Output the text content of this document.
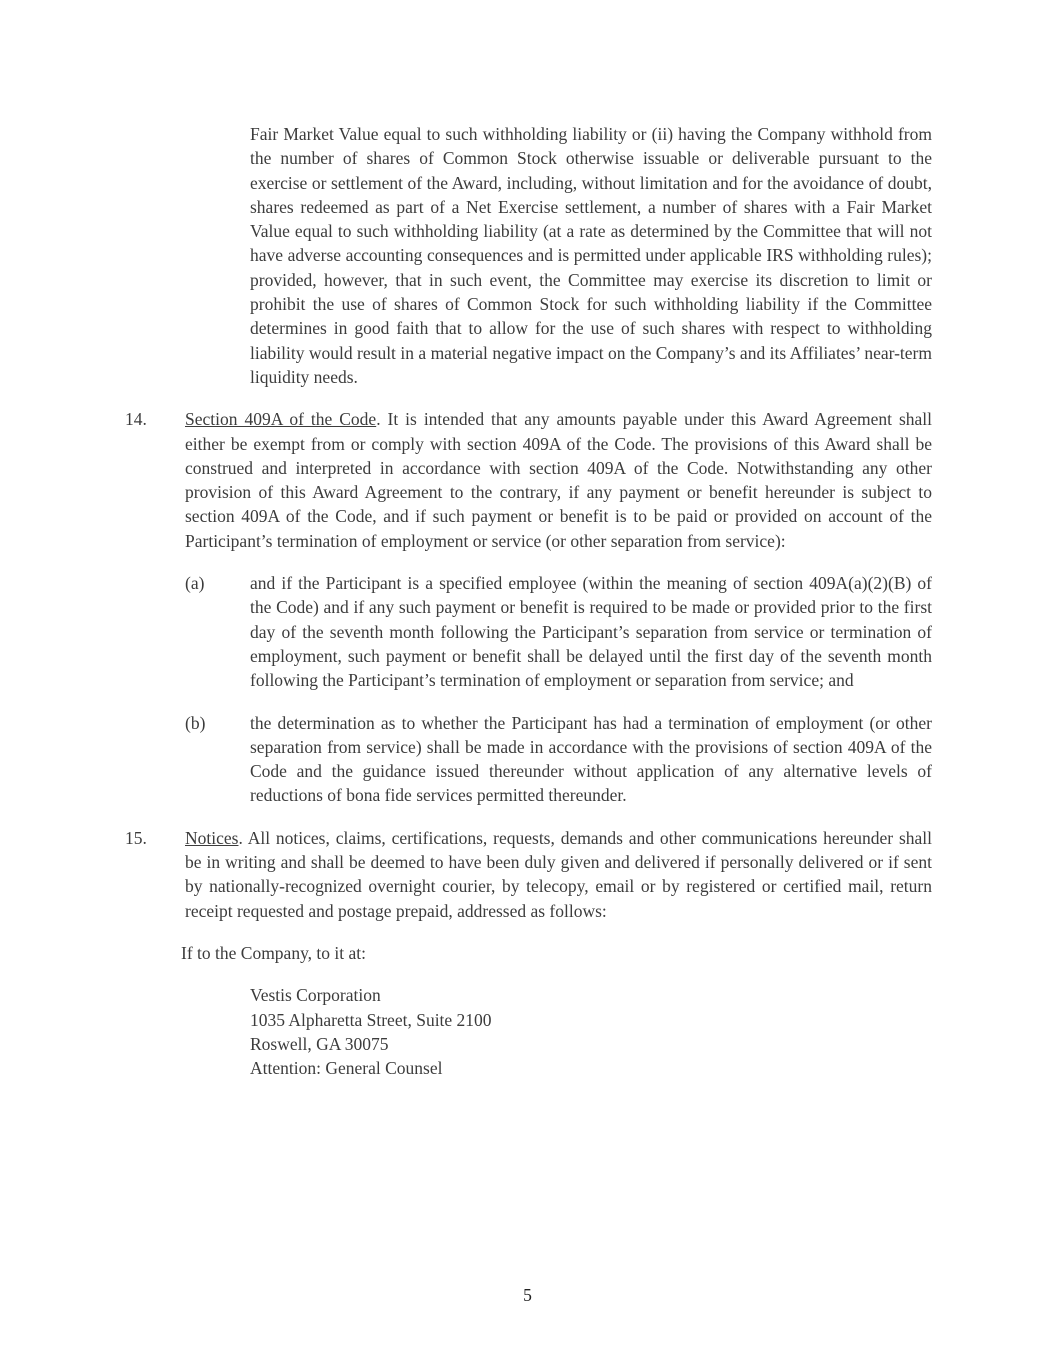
Fair Market Value equal to such withholding liability or (ii) having the Company withhold from the number of shares of Common Stock otherwise issuable or deliverable pursuant to the exercise or settlement of the Award, including, without limitation and for the avoidance of doubt, shares redeemed as part of a Net Exercise settlement, a number of shares with a Fair Market Value equal to such withholding liability (at a rate as determined by the Committee that will not have adverse accounting consequences and is permitted under applicable IRS withholding rules); provided, however, that in such event, the Committee may exercise its discretion to limit or prohibit the use of shares of Common Stock for such withholding liability if the Committee determines in good faith that to allow for the use of such shares with respect to withholding liability would result in a material negative impact on the Company’s and its Affiliates’ near-term liquidity needs.

14. Section 409A of the Code. It is intended that any amounts payable under this Award Agreement shall either be exempt from or comply with section 409A of the Code. The provisions of this Award shall be construed and interpreted in accordance with section 409A of the Code. Notwithstanding any other provision of this Award Agreement to the contrary, if any payment or benefit hereunder is subject to section 409A of the Code, and if such payment or benefit is to be paid or provided on account of the Participant’s termination of employment or service (or other separation from service):
(a)	and if the Participant is a specified employee (within the meaning of section 409A(a)(2)(B) of the Code) and if any such payment or benefit is required to be made or provided prior to the first day of the seventh month following the Participant’s separation from service or termination of employment, such payment or benefit shall be delayed until the first day of the seventh month following the Participant’s termination of employment or separation from service; and
(b)	the determination as to whether the Participant has had a termination of employment (or other separation from service) shall be made in accordance with the provisions of section 409A of the Code and the guidance issued thereunder without application of any alternative levels of reductions of bona fide services permitted thereunder.
15. Notices. All notices, claims, certifications, requests, demands and other communications hereunder shall be in writing and shall be deemed to have been duly given and delivered if personally delivered or if sent by nationally-recognized overnight courier, by telecopy, email or by registered or certified mail, return receipt requested and postage prepaid, addressed as follows:
If to the Company, to it at:
Vestis Corporation
1035 Alpharetta Street, Suite 2100
Roswell, GA 30075
Attention: General Counsel
5
